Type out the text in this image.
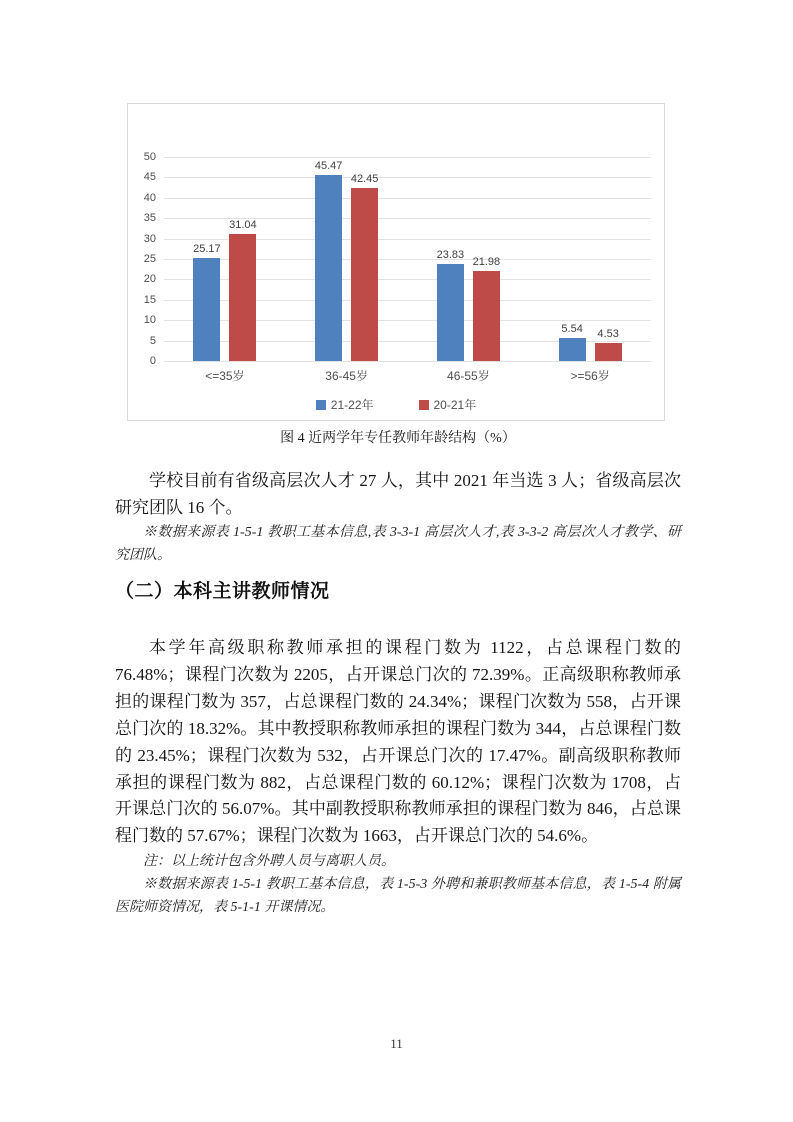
0
5
10
15
20
25
30
35
40
45
50
25.17
31.04
45.47
42.45
23.83
21.98
5.54 4.53
<=35岁	36-45岁	46-55岁	>=56岁
21-22年	20-21年
图 4 近两学年专任教师年龄结构（%）

学校目前有省级高层次人才 27 人，其中 2021 年当选 3 人；省级高层次研究团队 16 个。

※数据来源表 1-5-1 教职工基本信息,表 3-3-1 高层次人才,表 3-3-2 高层次人才教学、研究团队。

（二）本科主讲教师情况

本学年高级职称教师承担的课程门数为 1122，占总课程门数的 76.48%；课程门次数为 2205，占开课总门次的 72.39%。正高级职称教师承担的课程门数为 357，占总课程门数的 24.34%；课程门次数为 558，占开课总门次的 18.32%。其中教授职称教师承担的课程门数为 344，占总课程门数的 23.45%；课程门次数为 532，占开课总门次的 17.47%。副高级职称教师承担的课程门数为 882，占总课程门数的 60.12%；课程门次数为 1708，占开课总门次的 56.07%。其中副教授职称教师承担的课程门数为 846，占总课程门数的 57.67%；课程门次数为 1663，占开课总门次的 54.6%。

注：以上统计包含外聘人员与离职人员。

※数据来源表 1-5-1 教职工基本信息，表 1-5-3 外聘和兼职教师基本信息，表 1-5-4 附属医院师资情况，表 5-1-1 开课情况。

11
